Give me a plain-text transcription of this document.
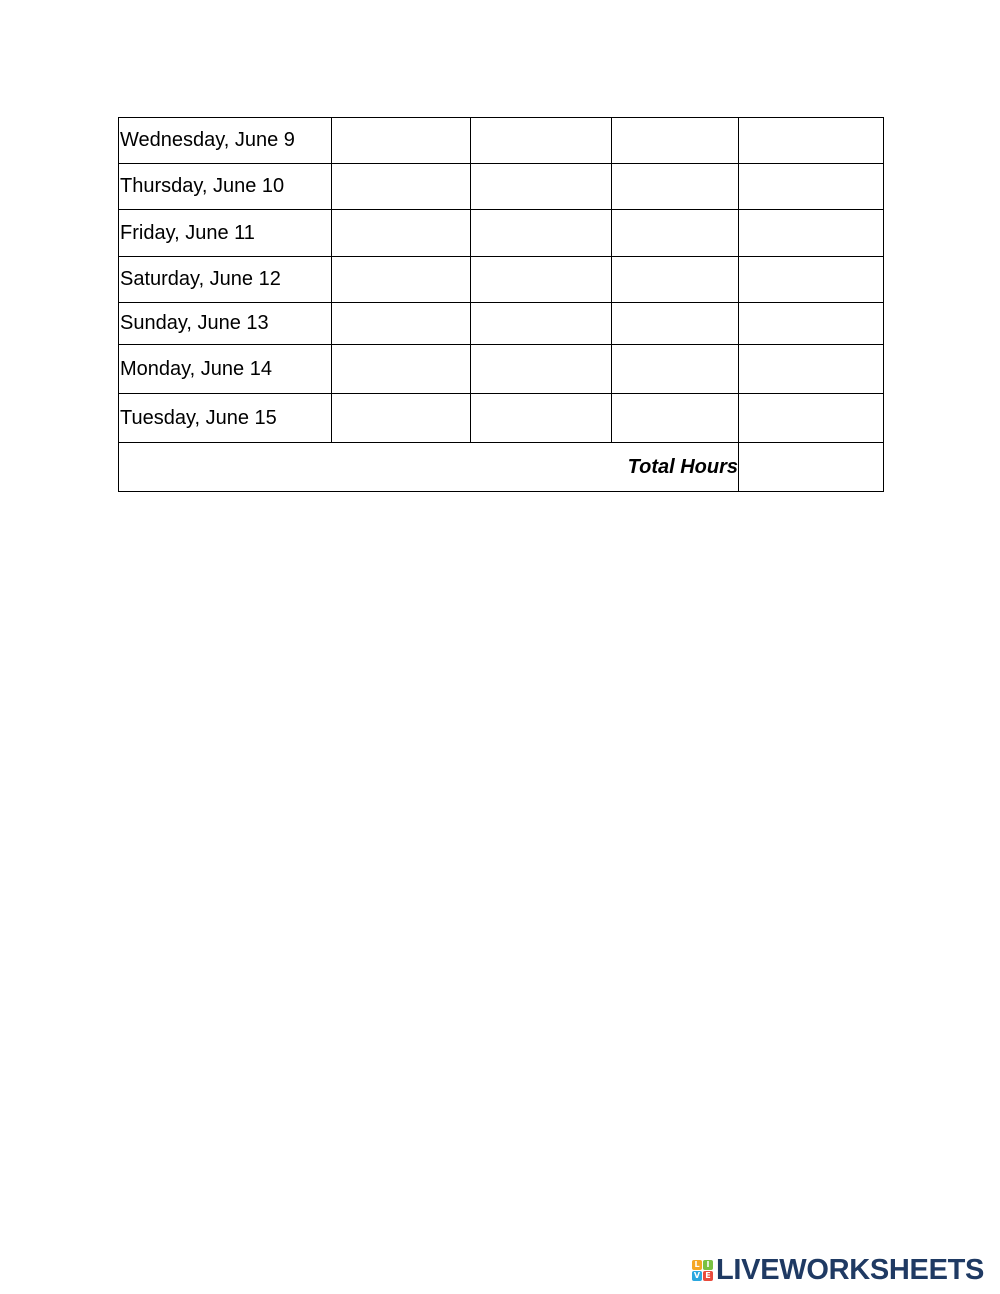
Wednesday, June 9				
Thursday, June 10				
Friday, June 11				
Saturday, June 12				
Sunday, June 13				
Monday, June 14				
Tuesday, June 15				
Total Hours				
L I
V E LIVEWORKSHEETS
